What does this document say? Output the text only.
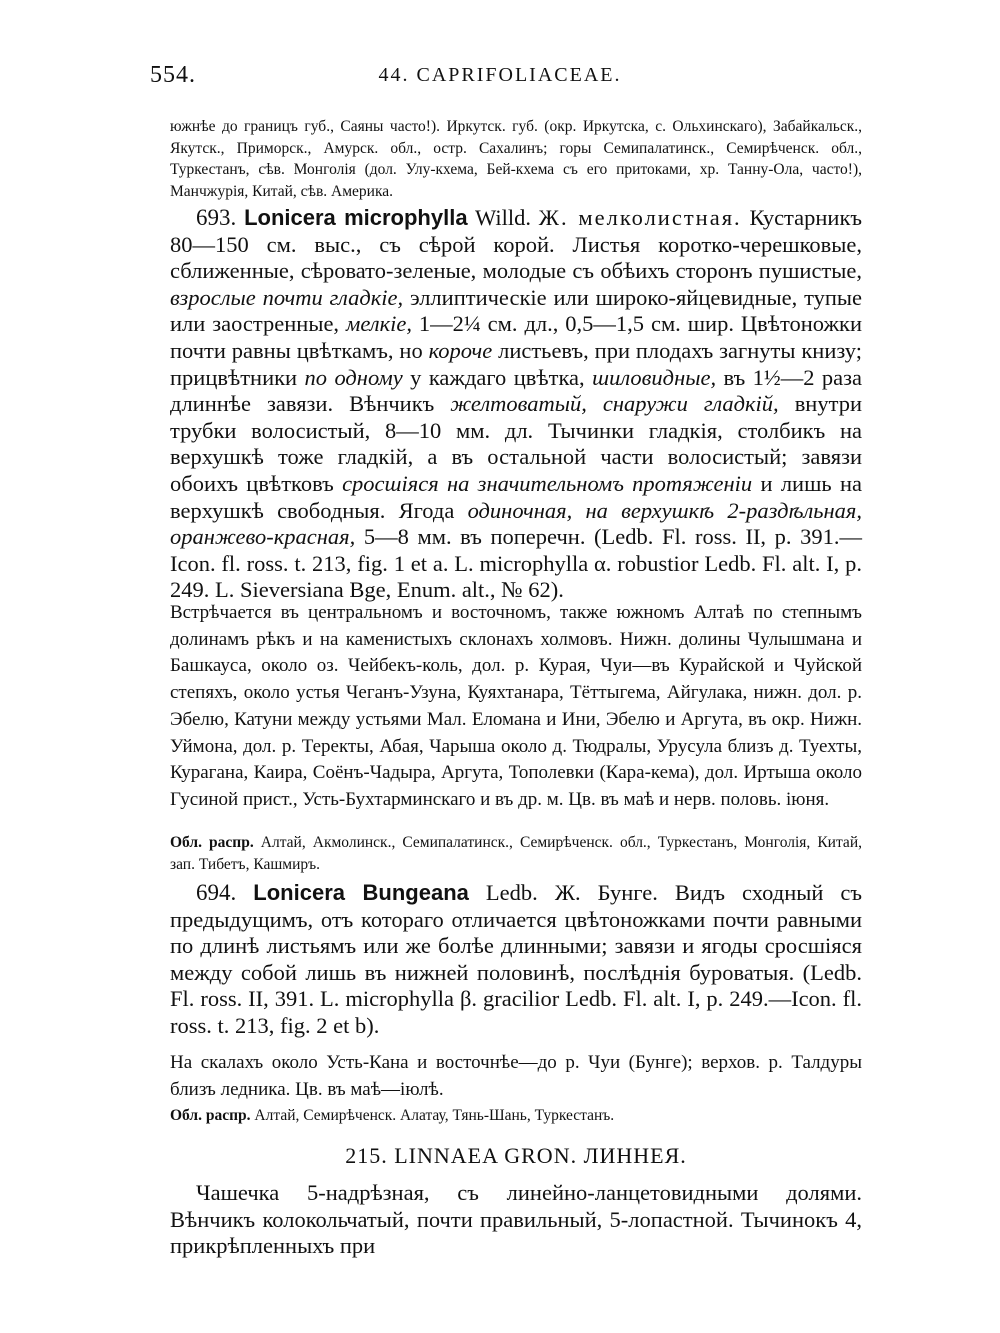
554.	44. CAPRIFOLIACEAE.
южнѣе до границъ губ., Саяны часто!). Иркутск. губ. (окр. Иркутска, с. Ольхинскаго), Забайкальск., Якутск., Приморск., Амурск. обл., остр. Сахалинъ; горы Семипалатинск., Семирѣченск. обл., Туркестанъ, сѣв. Монголія (дол. Улу-кхема, Бей-кхема съ его притоками, хр. Танну-Ола, часто!), Манчжурія, Китай, сѣв. Америка.
693. Lonicera microphylla Willd. Ж. мелколистная. Кустарникъ 80—150 см. выс., съ сѣрой корой. Листья коротко-черешковые, сближенные, сѣровато-зеленые, молодые съ обѣихъ сторонъ пушистые, взрослые почти гладкіе, эллиптическіе или широко-яйцевидные, тупые или заостренные, мелкіе, 1—2¼ см. дл., 0,5—1,5 см. шир. Цвѣтоножки почти равны цвѣткамъ, но короче листьевъ, при плодахъ загнуты книзу; прицвѣтники по одному у каждаго цвѣтка, шиловидные, въ 1½—2 раза длиннѣе завязи. Вѣнчикъ желтоватый, снаружи гладкій, внутри трубки волосистый, 8—10 мм. дл. Тычинки гладкія, столбикъ на верхушкѣ тоже гладкій, а въ остальной части волосистый; завязи обоихъ цвѣтковъ сросшіяся на значительномъ протяженіи и лишь на верхушкѣ свободныя. Ягода одиночная, на верхушкѣ 2-раздѣльная, оранжево-красная, 5—8 мм. въ поперечн. (Ledb. Fl. ross. II, p. 391.—Icon. fl. ross. t. 213, fig. 1 et a. L. microphylla α. robustior Ledb. Fl. alt. I, p. 249. L. Sieversiana Bge, Enum. alt., № 62).
Встрѣчается въ центральномъ и восточномъ, также южномъ Алтаѣ по степнымъ долинамъ рѣкъ и на каменистыхъ склонахъ холмовъ. Нижн. долины Чулышмана и Башкауса, около оз. Чейбекъ-коль, дол. р. Курая, Чуи—въ Курайской и Чуйской степяхъ, около устья Чеганъ-Узуна, Куяхтанара, Тёттыгема, Айгулака, нижн. дол. р. Эбелю, Катуни между устьями Мал. Еломана и Ини, Эбелю и Аргута, въ окр. Нижн. Уймона, дол. р. Теректы, Абая, Чарыша около д. Тюдралы, Урусула близъ д. Туехты, Курагана, Каира, Соёнъ-Чадыра, Аргута, Тополевки (Кара-кема), дол. Иртыша около Гусиной прист., Усть-Бухтарминскаго и въ др. м. Цв. въ маѣ и нерв. половь. іюня.
Обл. распр. Алтай, Акмолинск., Семипалатинск., Семирѣченск. обл., Туркестанъ, Монголія, Китай, зап. Тибетъ, Кашмиръ.
694. Lonicera Bungeana Ledb. Ж. Бунге. Видъ сходный съ предыдущимъ, отъ котораго отличается цвѣтоножками почти равными по длинѣ листьямъ или же болѣе длинными; завязи и ягоды сросшіяся между собой лишь въ нижней половинѣ, послѣднія буроватыя. (Ledb. Fl. ross. II, 391. L. microphylla β. gracilior Ledb. Fl. alt. I, p. 249.—Icon. fl. ross. t. 213, fig. 2 et b).
На скалахъ около Усть-Кана и восточнѣе—до р. Чуи (Бунге); верхов. р. Талдуры близъ ледника. Цв. въ маѣ—іюлѣ.
Обл. распр. Алтай, Семирѣченск. Алатау, Тянь-Шань, Туркестанъ.
215. LINNAEA GRON. ЛИННЕЯ.
Чашечка 5-надрѣзная, съ линейно-ланцетовидными долями. Вѣнчикъ колокольчатый, почти правильный, 5-лопастной. Тычинокъ 4, прикрѣпленныхъ при
